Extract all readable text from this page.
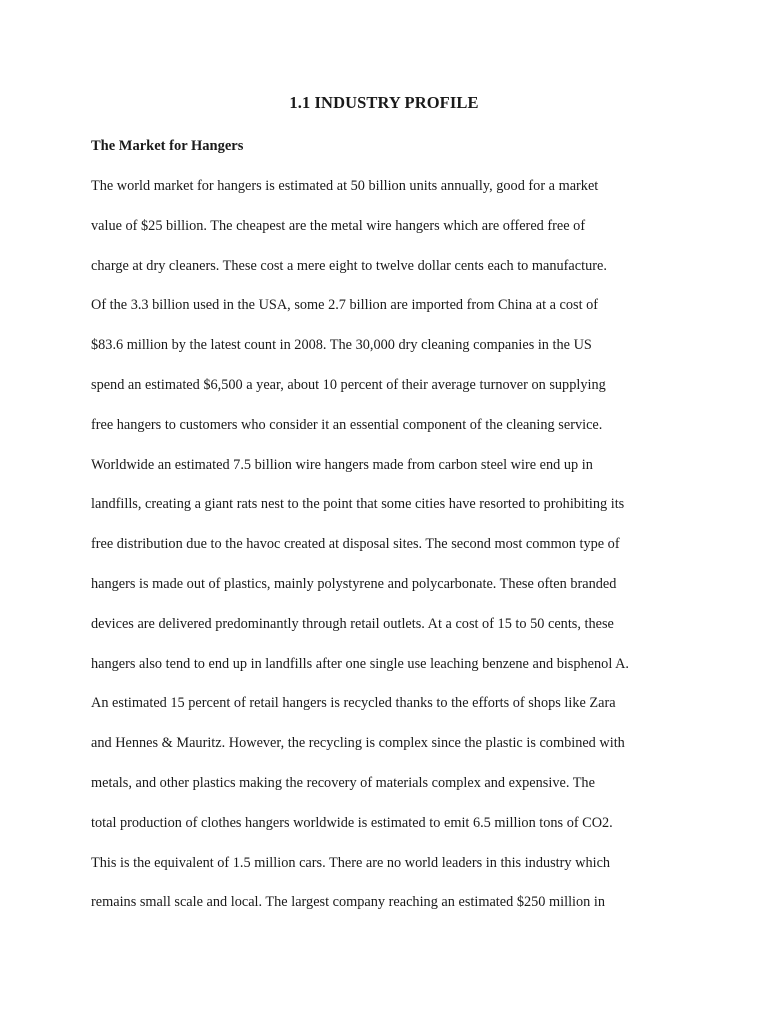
1.1 INDUSTRY PROFILE
The Market for Hangers
The world market for hangers is estimated at 50 billion units annually, good for a market
value of $25 billion. The cheapest are the metal wire hangers which are offered free of
charge at dry cleaners. These cost a mere eight to twelve dollar cents each to manufacture.
Of the 3.3 billion used in the USA, some 2.7 billion are imported from China at a cost of
$83.6 million by the latest count in 2008. The 30,000 dry cleaning companies in the US
spend an estimated $6,500 a year, about 10 percent of their average turnover on supplying
free hangers to customers who consider it an essential component of the cleaning service.
Worldwide an estimated 7.5 billion wire hangers made from carbon steel wire end up in
landfills, creating a giant rats nest to the point that some cities have resorted to prohibiting its
free distribution due to the havoc created at disposal sites. The second most common type of
hangers is made out of plastics, mainly polystyrene and polycarbonate. These often branded
devices are delivered predominantly through retail outlets. At a cost of 15 to 50 cents, these
hangers also tend to end up in landfills after one single use leaching benzene and bisphenol A.
An estimated 15 percent of retail hangers is recycled thanks to the efforts of shops like Zara
and Hennes & Mauritz. However, the recycling is complex since the plastic is combined with
metals, and other plastics making the recovery of materials complex and expensive. The
total production of clothes hangers worldwide is estimated to emit 6.5 million tons of CO2.
This is the equivalent of 1.5 million cars. There are no world leaders in this industry which
remains small scale and local. The largest company reaching an estimated $250 million in
